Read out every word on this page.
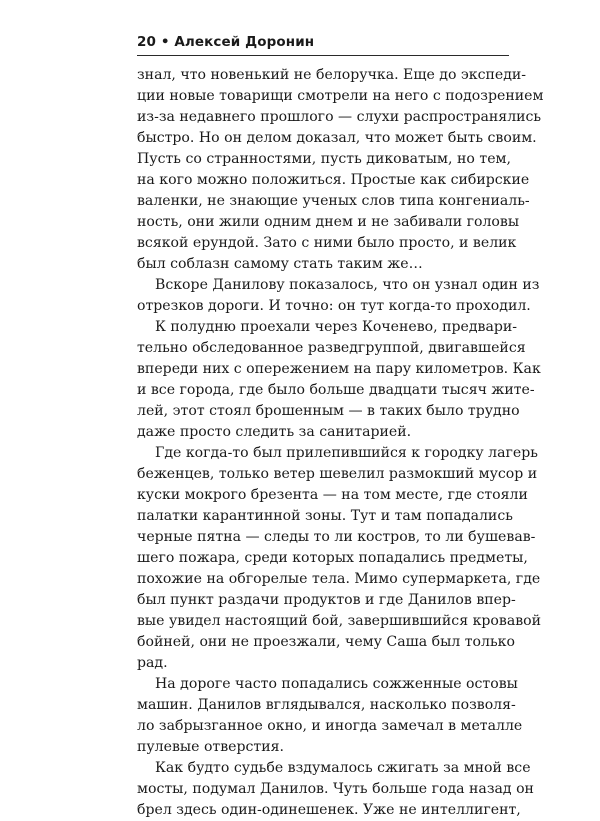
20 • Алексей Доронин
знал, что новенький не белоручка. Еще до экспеди-
ции новые товарищи смотрели на него с подозрением
из-за недавнего прошлого — слухи распространялись
быстро. Но он делом доказал, что может быть своим.
Пусть со странностями, пусть диковатым, но тем,
на кого можно положиться. Простые как сибирские
валенки, не знающие ученых слов типа конгениаль-
ность, они жили одним днем и не забивали головы
всякой ерундой. Зато с ними было просто, и велик
был соблазн самому стать таким же…
Вскоре Данилову показалось, что он узнал один из
отрезков дороги. И точно: он тут когда-то проходил.
К полудню проехали через Коченево, предвари-
тельно обследованное разведгруппой, двигавшейся
впереди них с опережением на пару километров. Как
и все города, где было больше двадцати тысяч жите-
лей, этот стоял брошенным — в таких было трудно
даже просто следить за санитарией.
Где когда-то был прилепившийся к городку лагерь
беженцев, только ветер шевелил размокший мусор и
куски мокрого брезента — на том месте, где стояли
палатки карантинной зоны. Тут и там попадались
черные пятна — следы то ли костров, то ли бушевав-
шего пожара, среди которых попадались предметы,
похожие на обгорелые тела. Мимо супермаркета, где
был пункт раздачи продуктов и где Данилов впер-
вые увидел настоящий бой, завершившийся кровавой
бойней, они не проезжали, чему Саша был только
рад.
На дороге часто попадались сожженные остовы
машин. Данилов вглядывался, насколько позволя-
ло забрызганное окно, и иногда замечал в металле
пулевые отверстия.
Как будто судьбе вздумалось сжигать за мной все
мосты, подумал Данилов. Чуть больше года назад он
брел здесь один-одинешенек. Уже не интеллигент,
